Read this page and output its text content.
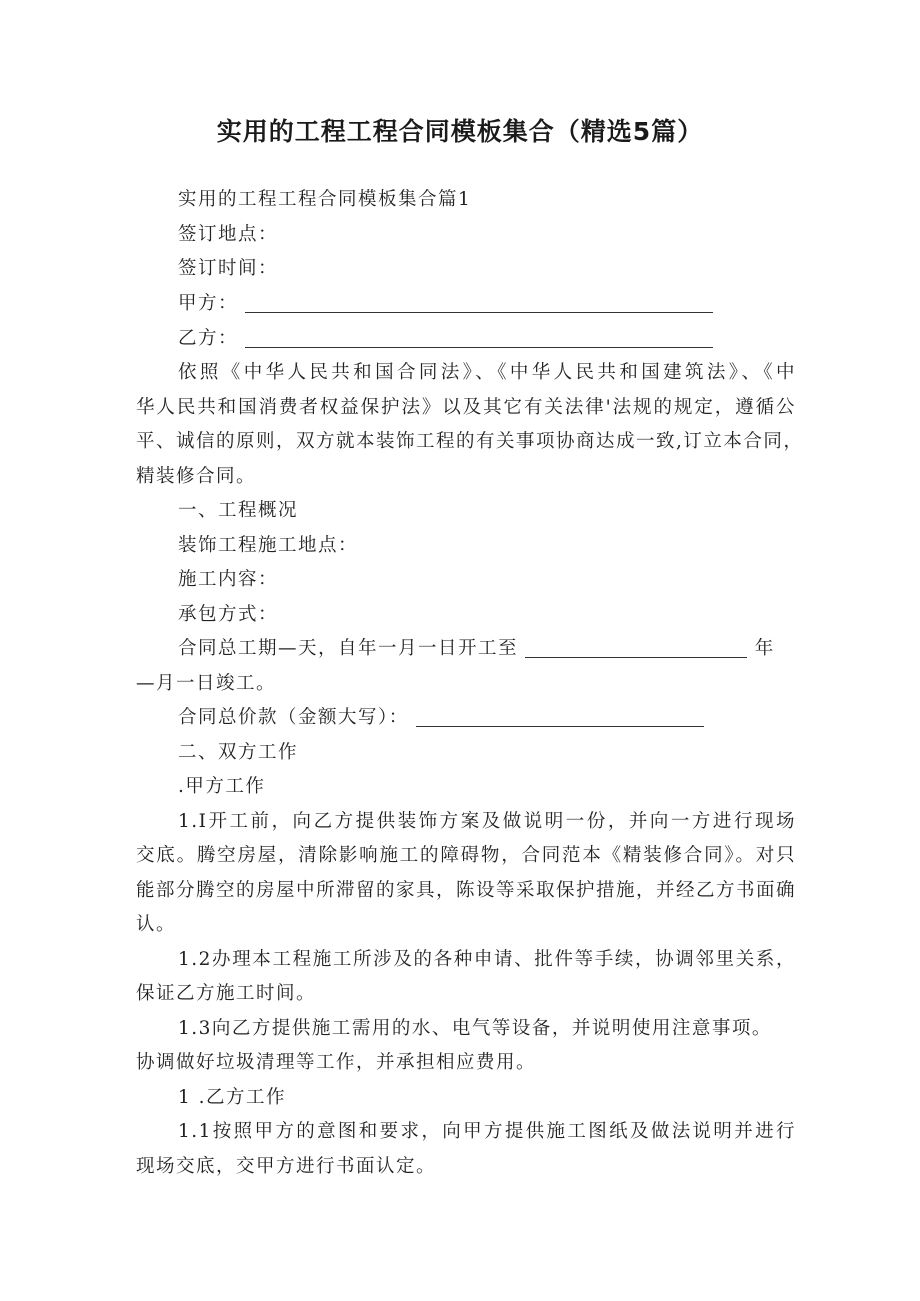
实用的工程工程合同模板集合（精选5篇）
实用的工程工程合同模板集合篇1
签订地点：
签订时间：
甲方：
乙方：
依照《中华人民共和国合同法》、《中华人民共和国建筑法》、《中
华人民共和国消费者权益保护法》以及其它有关法律'法规的规定，遵循公
平、诚信的原则，双方就本装饰工程的有关事项协商达成一致,订立本合同，
精装修合同。
一、工程概况
装饰工程施工地点：
施工内容：
承包方式：
合同总工期—天，自年一月一日开工至	年
—月一日竣工。
合同总价款（金额大写）：
二、双方工作
.甲方工作
1.I开工前，向乙方提供装饰方案及做说明一份，并向一方进行现场
交底。腾空房屋，清除影响施工的障碍物，合同范本《精装修合同》。对只
能部分腾空的房屋中所滞留的家具，陈设等采取保护措施，并经乙方书面确
认。
1.2办理本工程施工所涉及的各种申请、批件等手续，协调邻里关系，
保证乙方施工时间。
1.3向乙方提供施工需用的水、电气等设备，并说明使用注意事项。
协调做好垃圾清理等工作，并承担相应费用。
1 .乙方工作
1.1按照甲方的意图和要求，向甲方提供施工图纸及做法说明并进行
现场交底，交甲方进行书面认定。
